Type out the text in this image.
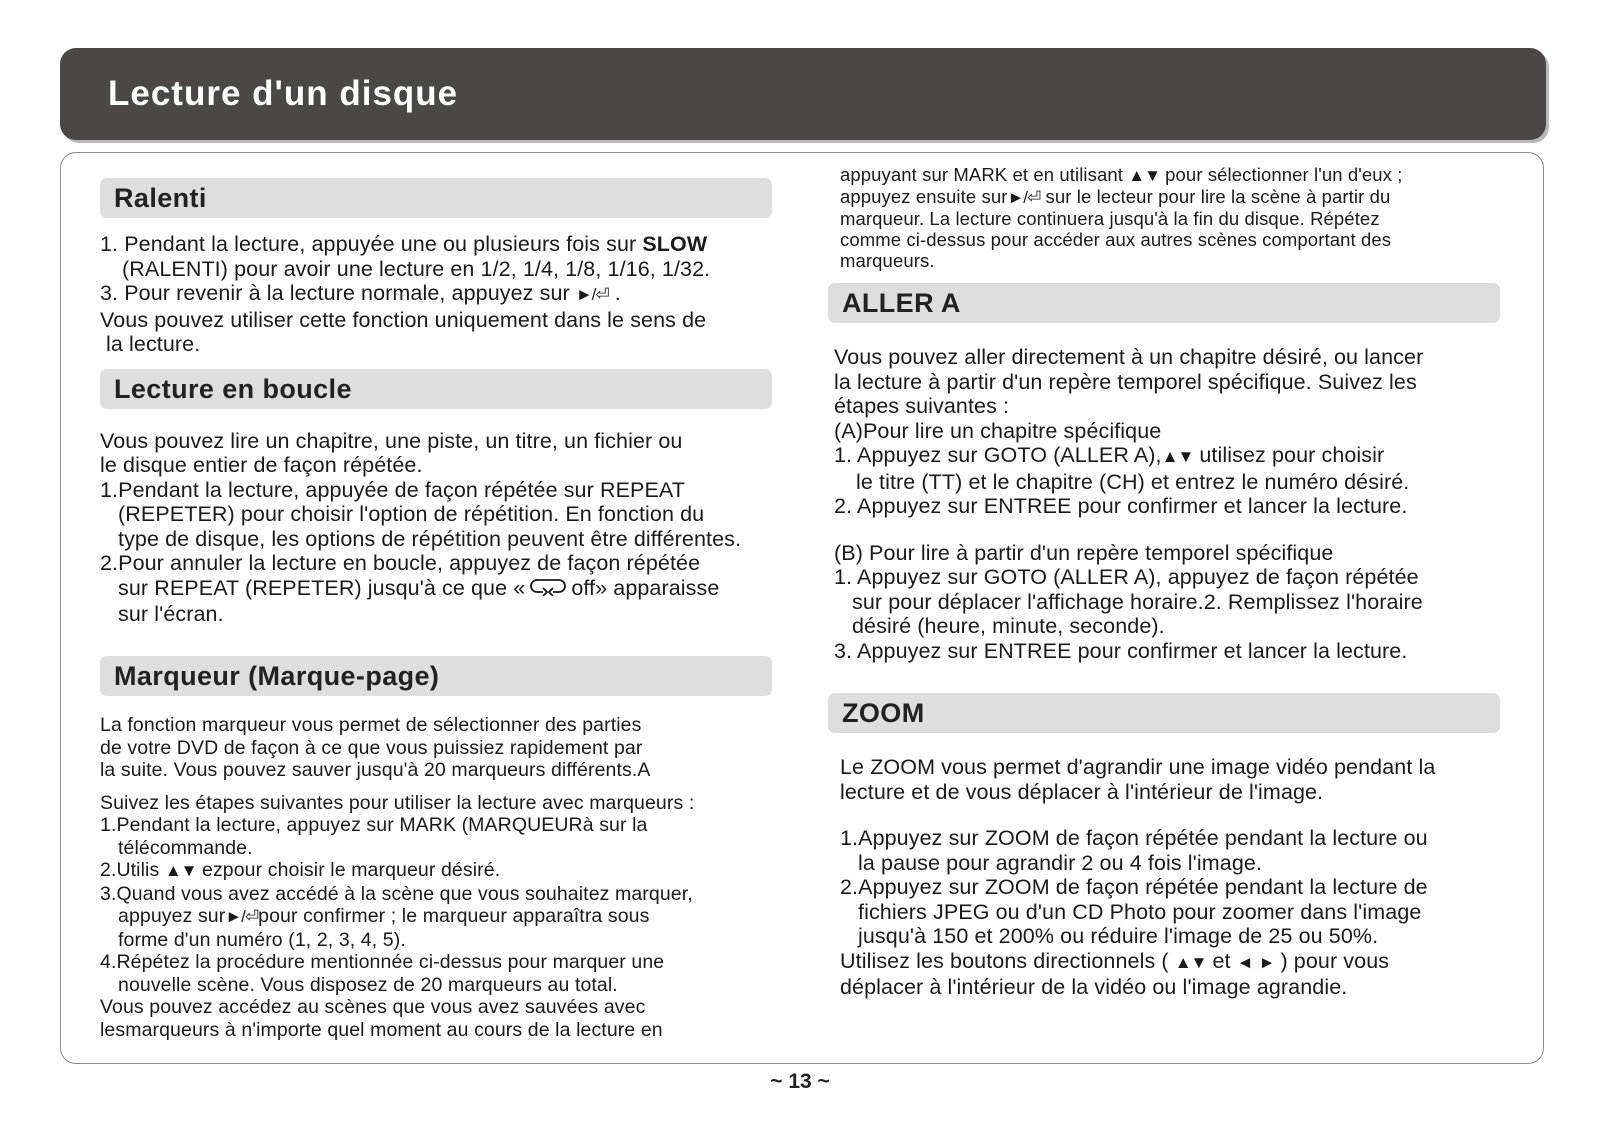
Lecture d'un disque
Ralenti

1. Pendant la lecture, appuyée une ou plusieurs fois sur SLOW

(RALENTI) pour avoir une lecture en 1/2, 1/4, 1/8, 1/16, 1/32.

3. Pour revenir à la lecture normale, appuyez sur ►/⏎ .

Vous pouvez utiliser cette fonction uniquement dans le sens de

la lecture.

Lecture en boucle

Vous pouvez lire un chapitre, une piste, un titre, un fichier ou

le disque entier de façon répétée.

1.Pendant la lecture, appuyée de façon répétée sur REPEAT

(REPETER) pour choisir l'option de répétition. En fonction du

type de disque, les options de répétition peuvent être différentes.

2.Pour annuler la lecture en boucle, appuyez de façon répétée

sur REPEAT (REPETER) jusqu'à ce que « off» apparaisse

sur l'écran.

Marqueur (Marque-page)

La fonction marqueur vous permet de sélectionner des parties

de votre DVD de façon à ce que vous puissiez rapidement par

la suite. Vous pouvez sauver jusqu'à 20 marqueurs différents.A

Suivez les étapes suivantes pour utiliser la lecture avec marqueurs :

1.Pendant la lecture, appuyez sur MARK (MARQUEURà sur la

télécommande.

2.Utilis ▲▼ ezpour choisir le marqueur désiré.

3.Quand vous avez accédé à la scène que vous souhaitez marquer,

appuyez sur►/⏎pour confirmer ; le marqueur apparaîtra sous

forme d'un numéro (1, 2, 3, 4, 5).

4.Répétez la procédure mentionnée ci-dessus pour marquer une

nouvelle scène. Vous disposez de 20 marqueurs au total.

Vous pouvez accédez au scènes que vous avez sauvées avec

lesmarqueurs à n'importe quel moment au cours de la lecture en

appuyant sur MARK et en utilisant ▲▼ pour sélectionner l'un d'eux ;

appuyez ensuite sur►/⏎ sur le lecteur pour lire la scène à partir du

marqueur. La lecture continuera jusqu'à la fin du disque. Répétez

comme ci-dessus pour accéder aux autres scènes comportant des

marqueurs.

ALLER A

Vous pouvez aller directement à un chapitre désiré, ou lancer

la lecture à partir d'un repère temporel spécifique. Suivez les

étapes suivantes :

(A)Pour lire un chapitre spécifique

1. Appuyez sur GOTO (ALLER A),▲▼ utilisez pour choisir

le titre (TT) et le chapitre (CH) et entrez le numéro désiré.

2. Appuyez sur ENTREE pour confirmer et lancer la lecture.

(B) Pour lire à partir d'un repère temporel spécifique

1. Appuyez sur GOTO (ALLER A), appuyez de façon répétée

sur pour déplacer l'affichage horaire.2. Remplissez l'horaire

désiré (heure, minute, seconde).

3. Appuyez sur ENTREE pour confirmer et lancer la lecture.

ZOOM

Le ZOOM vous permet d'agrandir une image vidéo pendant la

lecture et de vous déplacer à l'intérieur de l'image.

1.Appuyez sur ZOOM de façon répétée pendant la lecture ou

la pause pour agrandir 2 ou 4 fois l'image.

2.Appuyez sur ZOOM de façon répétée pendant la lecture de

fichiers JPEG ou d'un CD Photo pour zoomer dans l'image

jusqu'à 150 et 200% ou réduire l'image de 25 ou 50%.

Utilisez les boutons directionnels ( ▲▼ et ◄ ► ) pour vous

déplacer à l'intérieur de la vidéo ou l'image agrandie.

~ 13 ~
